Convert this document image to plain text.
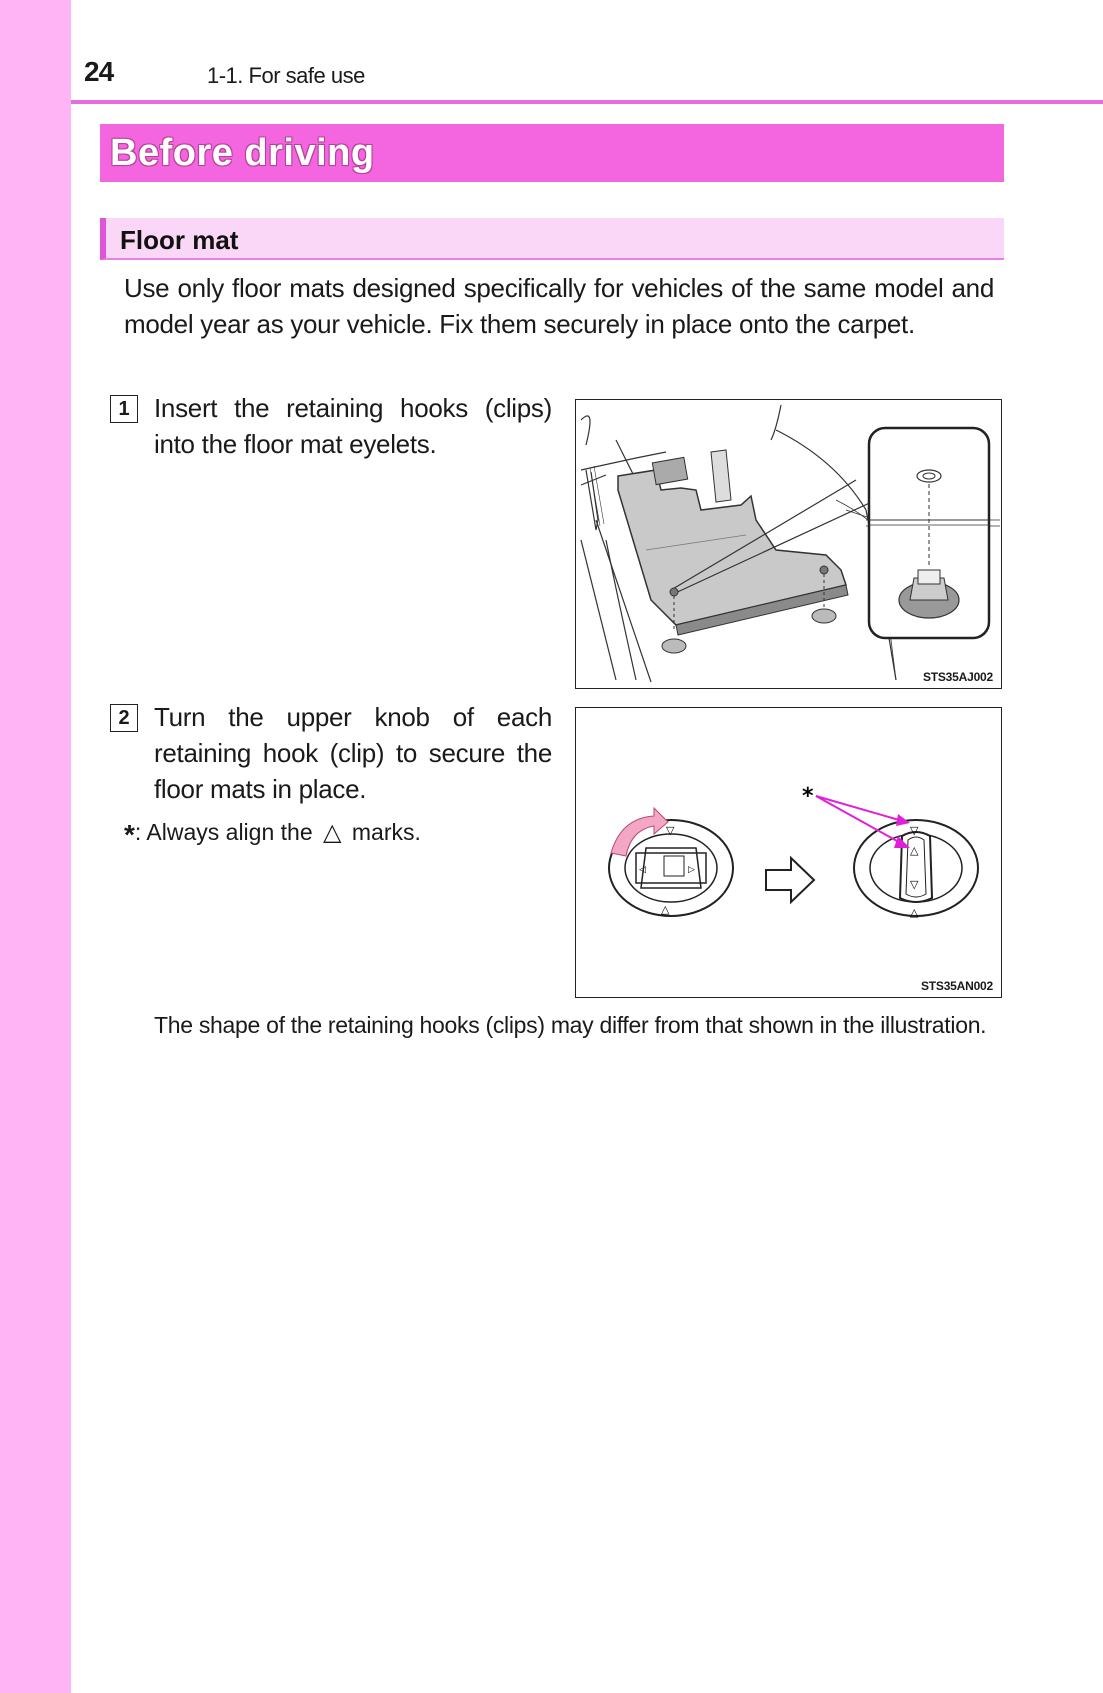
24	1-1. For safe use
Before driving
Floor mat
Use only floor mats designed specifically for vehicles of the same model and model year as your vehicle. Fix them securely in place onto the carpet.
1 Insert the retaining hooks (clips) into the floor mat eyelets.
STS35AJ002
2 Turn the upper knob of each retaining hook (clip) to secure the floor mats in place.
*: Always align the △ marks.	▽
△
◁	▷
▽
△
▽
△
*
STS35AN002
The shape of the retaining hooks (clips) may differ from that shown in the illustration.
